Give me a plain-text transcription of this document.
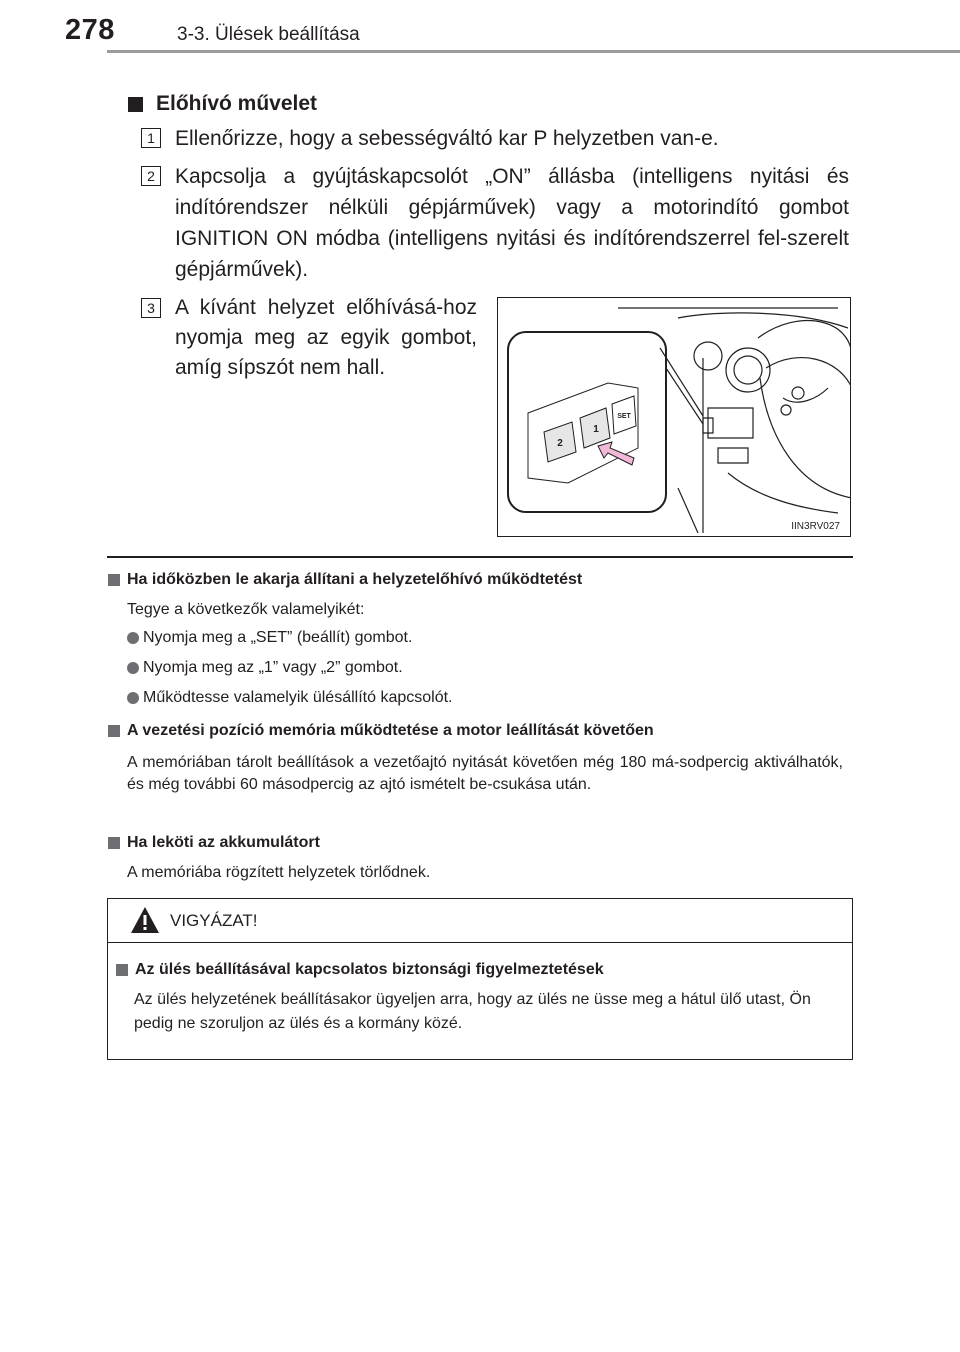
278	3-3. Ülések beállítása
Előhívó művelet
1 Ellenőrizze, hogy a sebességváltó kar P helyzetben van-e.
2 Kapcsolja a gyújtáskapcsolót „ON” állásba (intelligens nyitási és indítórendszer nélküli gépjárművek) vagy a motorindító gombot IGNITION ON módba (intelligens nyitási és indítórendszerrel fel-szerelt gépjárművek).
3 A kívánt helyzet előhívásá-hoz nyomja meg az egyik gombot, amíg sípszót nem hall.
2
1
SET
IIN3RV027
Ha időközben le akarja állítani a helyzetelőhívó működtetést
Tegye a következők valamelyikét:
Nyomja meg a „SET” (beállít) gombot.
Nyomja meg az „1” vagy „2” gombot.
Működtesse valamelyik ülésállító kapcsolót.
A vezetési pozíció memória működtetése a motor leállítását követően
A memóriában tárolt beállítások a vezetőajtó nyitását követően még 180 má-sodpercig aktiválhatók, és még további 60 másodpercig az ajtó ismételt be-csukása után.
Ha leköti az akkumulátort
A memóriába rögzített helyzetek törlődnek.
VIGYÁZAT!
Az ülés beállításával kapcsolatos biztonsági figyelmeztetések
Az ülés helyzetének beállításakor ügyeljen arra, hogy az ülés ne üsse meg a hátul ülő utast, Ön pedig ne szoruljon az ülés és a kormány közé.
